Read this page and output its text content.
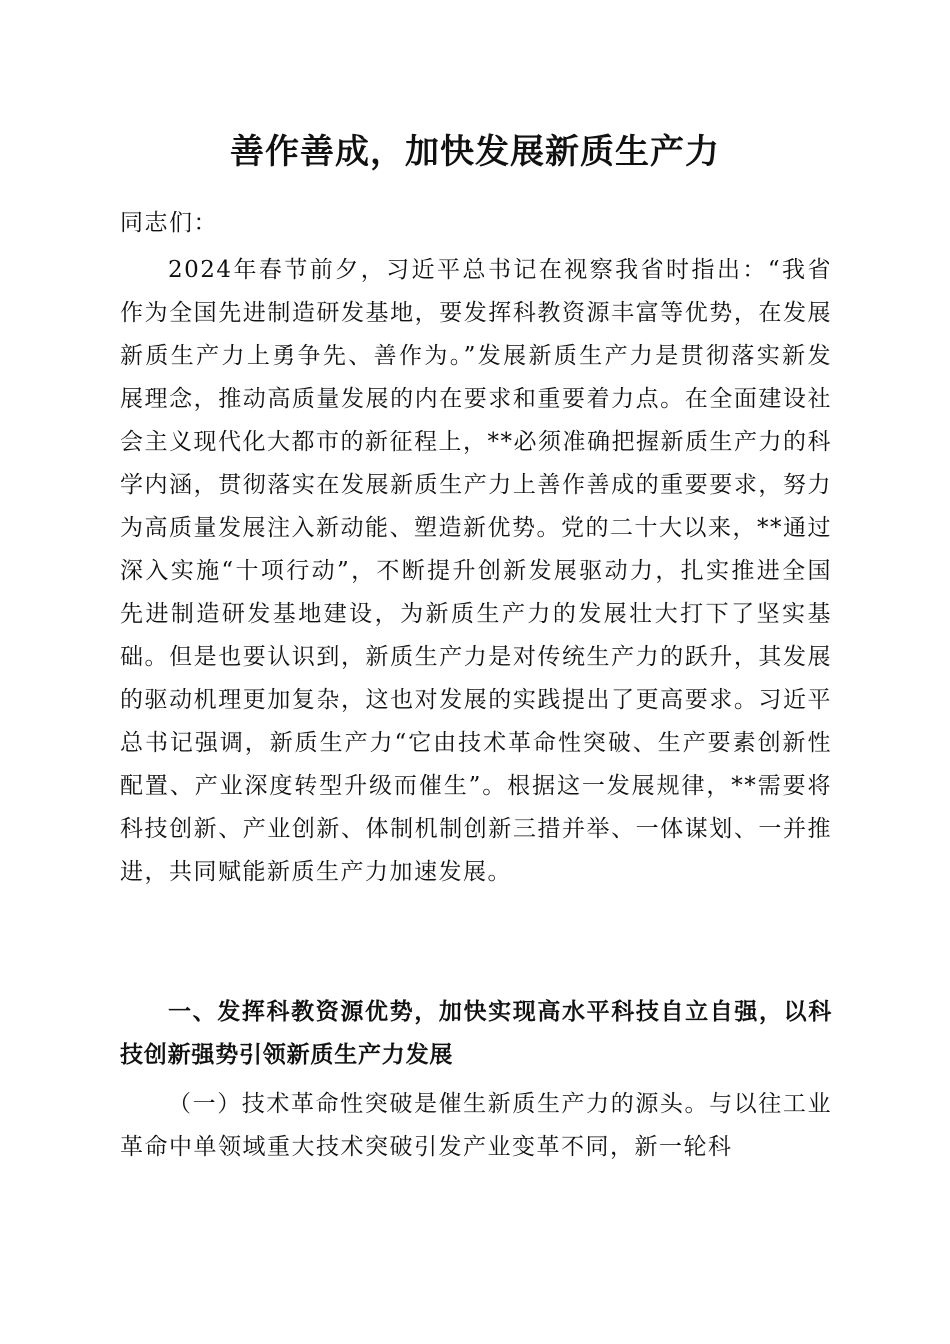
善作善成，加快发展新质生产力

同志们：

2024年春节前夕，习近平总书记在视察我省时指出：“我省作为全国先进制造研发基地，要发挥科教资源丰富等优势，在发展新质生产力上勇争先、善作为。”发展新质生产力是贯彻落实新发展理念，推动高质量发展的内在要求和重要着力点。在全面建设社会主义现代化大都市的新征程上，**必须准确把握新质生产力的科学内涵，贯彻落实在发展新质生产力上善作善成的重要要求，努力为高质量发展注入新动能、塑造新优势。党的二十大以来，**通过深入实施“十项行动”，不断提升创新发展驱动力，扎实推进全国先进制造研发基地建设，为新质生产力的发展壮大打下了坚实基础。但是也要认识到，新质生产力是对传统生产力的跃升，其发展的驱动机理更加复杂，这也对发展的实践提出了更高要求。习近平总书记强调，新质生产力“它由技术革命性突破、生产要素创新性配置、产业深度转型升级而催生”。根据这一发展规律，**需要将科技创新、产业创新、体制机制创新三措并举、一体谋划、一并推进，共同赋能新质生产力加速发展。

一、发挥科教资源优势，加快实现高水平科技自立自强，以科技创新强势引领新质生产力发展

（一）技术革命性突破是催生新质生产力的源头。与以往工业革命中单领域重大技术突破引发产业变革不同，新一轮科
